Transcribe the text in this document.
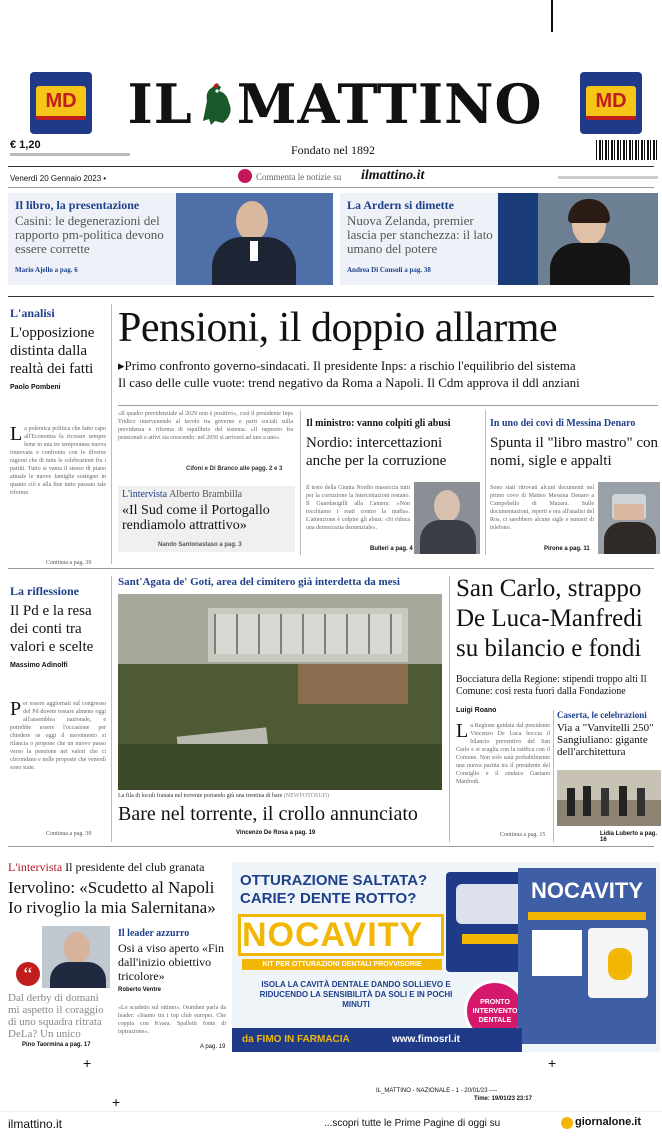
MD	MD
IL MATTINO
€ 1,20	Fondato nel 1892
Venerdì 20 Gennaio 2023 •	Commenta le notizie su ilmattino.it
Il libro, la presentazione
Casini: le degenerazioni del rapporto pm-politica devono essere corrette
Mario Ajello a pag. 6
La Ardern si dimette
Nuova Zelanda, premier lascia per stanchezza: il lato umano del potere
Andrea Di Consoli a pag. 38
L'analisi
L'opposizione distinta dalla realtà dei fatti
Paolo Pombeni
La polemica politica che fatto capo all'Economia fa ricreare sempre bene in una tre temporanea nuova rinnovata e confronto con le diverse ragioni che di tutte le celebrazioni fra i partiti. Tutto si vanta il stesso di piano attuale le nuove famiglie sostegno in quanto ciò e alla fine tutto passato tale riforme.
Continua a pag. 39
Pensioni, il doppio allarme
▸Primo confronto governo-sindacati. Il presidente Inps: a rischio l'equilibrio del sistema
Il caso delle culle vuote: trend negativo da Roma a Napoli. Il Cdm approva il ddl anziani
«Il quadro previdenziale al 2029 non è positivo», così il presidente Inps Tridico intervenendo al tavolo tra governo e parti sociali sulla previdenza e riforma di equilibrio del sistema. «Il rapporto fra pensionati e attivi sta crescendo: nel 2050 si arriverà ad uno a uno».
Cifoni e Di Branco alle pagg. 2 e 3
L'intervista Alberto Brambilla
«Il Sud come il Portogallo rendiamolo attrattivo»
Nando Santonastaso a pag. 3
Il ministro: vanno colpiti gli abusi
Nordio: intercettazioni anche per la corruzione
Il testo della Giunta Nordio massiccia tutti per la corruzione la intercettazioni restano. Il Guardasigilli alla Camera: «Non tocchiamo i reati contro la mafia». L'attenzione è colpire gli abusi: «Si riduca una democrazia demenziale».
Bulleri a pag. 4
In uno dei covi di Messina Denaro
Spunta il "libro mastro" con nomi, sigle e appalti
Sono stati ritrovati alcuni documenti nel primo covo di Matteo Messina Denaro a Campobello di Mazara. Sulle documentazioni, reperti e ora all'analisi del Ros, ci sarebbero alcune sigle e numeri di telefono.
Pirone a pag. 11
La riflessione
Il Pd e la resa dei conti tra valori e scelte
Massimo Adinolfi
Per essere aggiornati sul congresso del Pd dovete restare almeno oggi all'assemblea nazionale, e potrebbe essere l'occasione per chiedere se oggi il movimento si rilancia o propone che un nuovo passo verso la pensione nei valori che ci circondano e nelle proposte che venerdì sono state.
Continua a pag. 39
Sant'Agata de' Goti, area del cimitero già interdetta da mesi
La fila di loculi franata nel torrente portando giù una trentina di bare (NEWFOTOSUD)
Bare nel torrente, il crollo annunciato
Vincenzo De Rosa a pag. 19
San Carlo, strappo De Luca-Manfredi su bilancio e fondi
Bocciatura della Regione: stipendi troppo alti Il Comune: così resta fuori dalla Fondazione
Luigi Roano
La Regione guidata dal presidente Vincenzo De Luca boccia il bilancio preventivo del San Carlo e si scaglia con la ratifica con il Comune. Non solo sarà probabilmente una nuova partita tra il presidente del Consiglio e il sindaco Gaetano Manfredi.
Continua a pag. 15
Caserta, le celebrazioni
Via a "Vanvitelli 250" Sangiuliano: gigante dell'architettura
Lidia Luberto a pag. 16
L'intervista Il presidente del club granata
Iervolino: «Scudetto al Napoli Io rivoglio la mia Salernitana»
“
Dal derby di domani mi aspetto il coraggio di uno squadra ritrata DeLa? Un unico
Pino Taormina a pag. 17
Il leader azzurro
Osi a viso aperto «Fin dall'inizio obiettivo tricolore»
Roberto Ventre
«Lo scudetto sul ottimo». Osimhen parla da leader: «Siamo tra i top club europei. Che coppia con Kvara. Spalletti fonte di ispirazione».
A pag. 19
OTTURAZIONE SALTATA?
CARIE? DENTE ROTTO?
NOCAVITY
KIT PER OTTURAZIONI DENTALI PROVVISORIE
ISOLA LA CAVITÀ DENTALE DANDO SOLLIEVO E RIDUCENDO LA SENSIBILITÀ DA SOLI E IN POCHI MINUTI	PRONTO INTERVENTO DENTALE
NOCAVITY
da FIMO IN FARMACIA	www.fimosrl.it
+
+
+
IL_MATTINO - NAZIONALE - 1 - 20/01/23 ----
Time: 19/01/23 23:17
ilmattino.it	...scopri tutte le Prime Pagine di oggi su	giornalone.it
